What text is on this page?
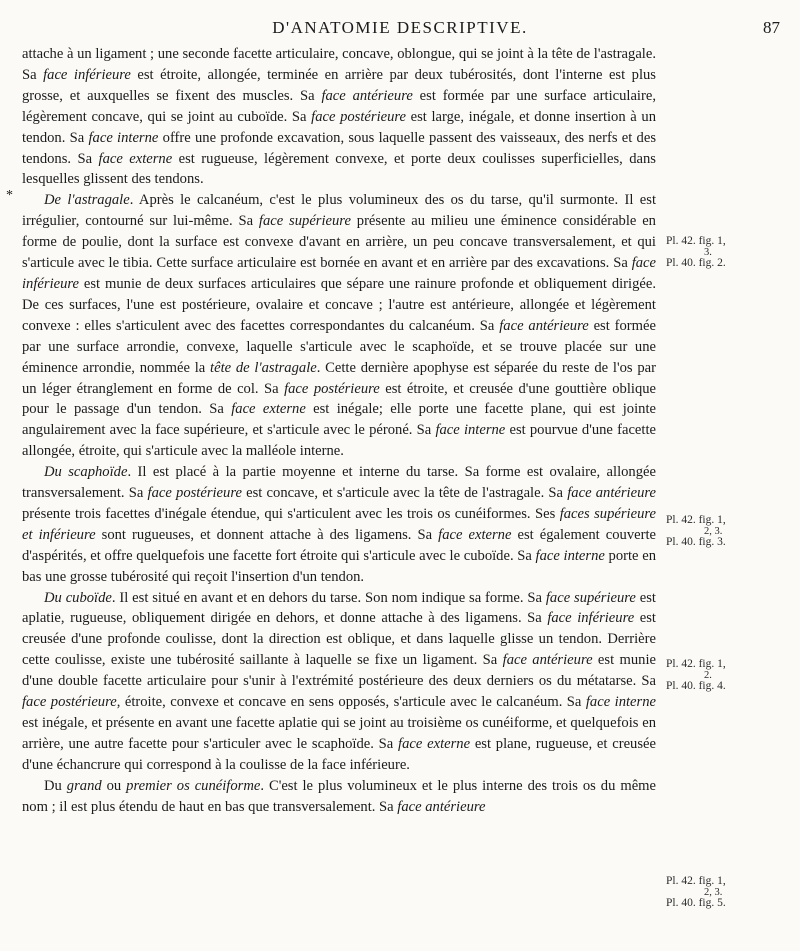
D'ANATOMIE DESCRIPTIVE.	87
*

attache à un ligament ; une seconde facette articulaire, concave, oblongue, qui se joint à la tête de l'astragale. Sa face inférieure est étroite, allongée, terminée en arrière par deux tubérosités, dont l'interne est plus grosse, et auxquelles se fixent des muscles. Sa face antérieure est formée par une surface articulaire, légèrement concave, qui se joint au cuboïde. Sa face postérieure est large, inégale, et donne insertion à un tendon. Sa face interne offre une profonde excavation, sous laquelle passent des vaisseaux, des nerfs et des tendons. Sa face externe est rugueuse, légèrement convexe, et porte deux coulisses superficielles, dans lesquelles glissent des tendons.

De l'astragale. Après le calcanéum, c'est le plus volumineux des os du tarse, qu'il surmonte. Il est irrégulier, contourné sur lui-même. Sa face supérieure présente au milieu une éminence considérable en forme de poulie, dont la surface est convexe d'avant en arrière, un peu concave transversalement, et qui s'articule avec le tibia. Cette surface articulaire est bornée en avant et en arrière par des excavations. Sa face inférieure est munie de deux surfaces articulaires que sépare une rainure profonde et obliquement dirigée. De ces surfaces, l'une est postérieure, ovalaire et concave ; l'autre est antérieure, allongée et légèrement convexe : elles s'articulent avec des facettes correspondantes du calcanéum. Sa face antérieure est formée par une surface arrondie, convexe, laquelle s'articule avec le scaphoïde, et se trouve placée sur une éminence arrondie, nommée la tête de l'astragale. Cette dernière apophyse est séparée du reste de l'os par un léger étranglement en forme de col. Sa face postérieure est étroite, et creusée d'une gouttière oblique pour le passage d'un tendon. Sa face externe est inégale; elle porte une facette plane, qui est jointe angulairement avec la face supérieure, et s'articule avec le péroné. Sa face interne est pourvue d'une facette allongée, étroite, qui s'articule avec la malléole interne.

Du scaphoïde. Il est placé à la partie moyenne et interne du tarse. Sa forme est ovalaire, allongée transversalement. Sa face postérieure est concave, et s'articule avec la tête de l'astragale. Sa face antérieure présente trois facettes d'inégale étendue, qui s'articulent avec les trois os cunéiformes. Ses faces supérieure et inférieure sont rugueuses, et donnent attache à des ligamens. Sa face externe est également couverte d'aspérités, et offre quelquefois une facette fort étroite qui s'articule avec le cuboïde. Sa face interne porte en bas une grosse tubérosité qui reçoit l'insertion d'un tendon.

Du cuboïde. Il est situé en avant et en dehors du tarse. Son nom indique sa forme. Sa face supérieure est aplatie, rugueuse, obliquement dirigée en dehors, et donne attache à des ligamens. Sa face inférieure est creusée d'une profonde coulisse, dont la direction est oblique, et dans laquelle glisse un tendon. Derrière cette coulisse, existe une tubérosité saillante à laquelle se fixe un ligament. Sa face antérieure est munie d'une double facette articulaire pour s'unir à l'extrémité postérieure des deux derniers os du métatarse. Sa face postérieure, étroite, convexe et concave en sens opposés, s'articule avec le calcanéum. Sa face interne est inégale, et présente en avant une facette aplatie qui se joint au troisième os cunéiforme, et quelquefois en arrière, une autre facette pour s'articuler avec le scaphoïde. Sa face externe est plane, rugueuse, et creusée d'une échancrure qui correspond à la coulisse de la face inférieure.

Du grand ou premier os cunéiforme. C'est le plus volumineux et le plus interne des trois os du même nom ; il est plus étendu de haut en bas que transversalement. Sa face antérieure

Pl. 42. fig. 1,
3.
Pl. 40. fig. 2.
Pl. 42. fig. 1,
2, 3.
Pl. 40. fig. 3.
Pl. 42. fig. 1,
2.
Pl. 40. fig. 4.
Pl. 42. fig. 1,
2, 3.
Pl. 40. fig. 5.
